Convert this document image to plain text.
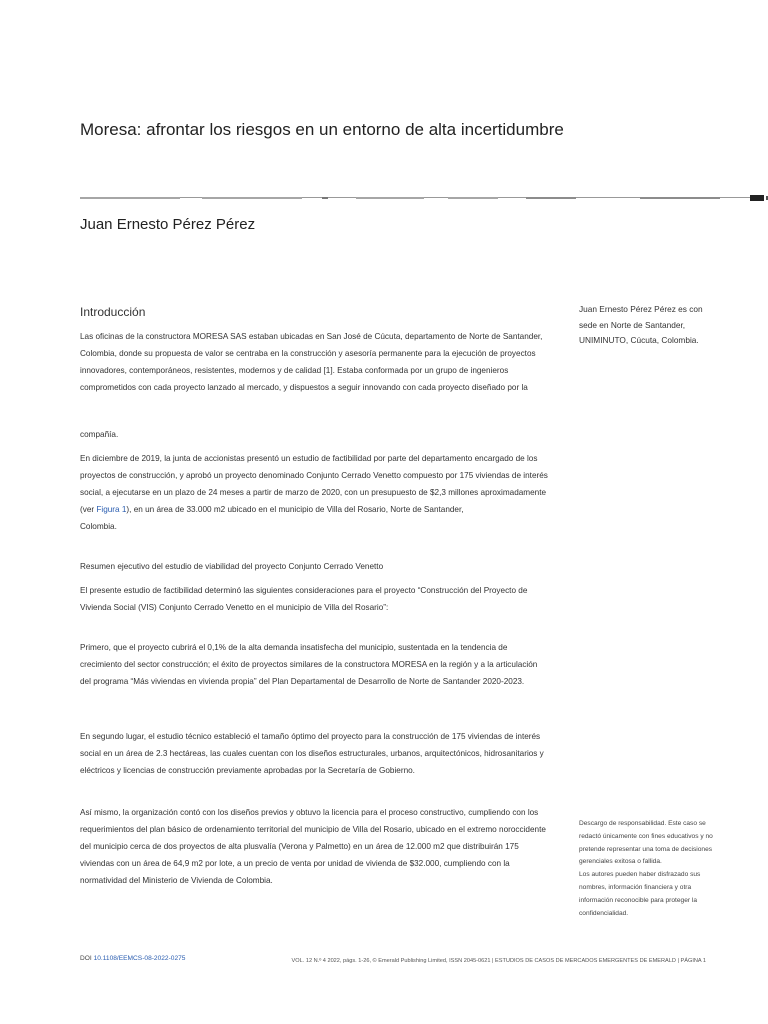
Moresa: afrontar los riesgos en un entorno de alta incertidumbre
Juan Ernesto Pérez Pérez
Introducción
Las oficinas de la constructora MORESA SAS estaban ubicadas en San José de Cúcuta, departamento de Norte de Santander, Colombia, donde su propuesta de valor se centraba en la construcción y asesoría permanente para la ejecución de proyectos innovadores, contemporáneos, resistentes, modernos y de calidad [1]. Estaba conformada por un grupo de ingenieros comprometidos con cada proyecto lanzado al mercado, y dispuestos a seguir innovando con cada proyecto diseñado por la
compañía.
En diciembre de 2019, la junta de accionistas presentó un estudio de factibilidad por parte del departamento encargado de los proyectos de construcción, y aprobó un proyecto denominado Conjunto Cerrado Venetto compuesto por 175 viviendas de interés social, a ejecutarse en un plazo de 24 meses a partir de marzo de 2020, con un presupuesto de $2,3 millones aproximadamente (ver Figura 1), en un área de 33.000 m2 ubicado en el municipio de Villa del Rosario, Norte de Santander,
Colombia.
Resumen ejecutivo del estudio de viabilidad del proyecto Conjunto Cerrado Venetto
El presente estudio de factibilidad determinó las siguientes consideraciones para el proyecto “Construcción del Proyecto de Vivienda Social (VIS) Conjunto Cerrado Venetto en el municipio de Villa del Rosario”:
Primero, que el proyecto cubrirá el 0,1% de la alta demanda insatisfecha del municipio, sustentada en la tendencia de crecimiento del sector construcción; el éxito de proyectos similares de la constructora MORESA en la región y a la articulación del programa “Más viviendas en vivienda propia” del Plan Departamental de Desarrollo de Norte de Santander 2020-2023.
En segundo lugar, el estudio técnico estableció el tamaño óptimo del proyecto para la construcción de 175 viviendas de interés social en un área de 2.3 hectáreas, las cuales cuentan con los diseños estructurales, urbanos, arquitectónicos, hidrosanitarios y eléctricos y licencias de construcción previamente aprobadas por la Secretaría de Gobierno.
Así mismo, la organización contó con los diseños previos y obtuvo la licencia para el proceso constructivo, cumpliendo con los requerimientos del plan básico de ordenamiento territorial del municipio de Villa del Rosario, ubicado en el extremo noroccidente del municipio cerca de dos proyectos de alta plusvalía (Verona y Palmetto) en un área de 12.000 m2 que distribuirán 175 viviendas con un área de 64,9 m2 por lote, a un precio de venta por unidad de vivienda de $32.000, cumpliendo con la normatividad del Ministerio de Vivienda de Colombia.
Juan Ernesto Pérez Pérez es con sede en Norte de Santander, UNIMINUTO, Cúcuta, Colombia.
Descargo de responsabilidad. Este caso se redactó únicamente con fines educativos y no pretende representar una toma de decisiones gerenciales exitosa o fallida.
Los autores pueden haber disfrazado sus nombres, información financiera y otra información reconocible para proteger la confidencialidad.
DOI 10.1108/EEMCS-08-2022-0275	VOL. 12 N.º 4 2022, págs. 1-26, © Emerald Publishing Limited, ISSN 2045-0621 | ESTUDIOS DE CASOS DE MERCADOS EMERGENTES DE EMERALD | PÁGINA 1
